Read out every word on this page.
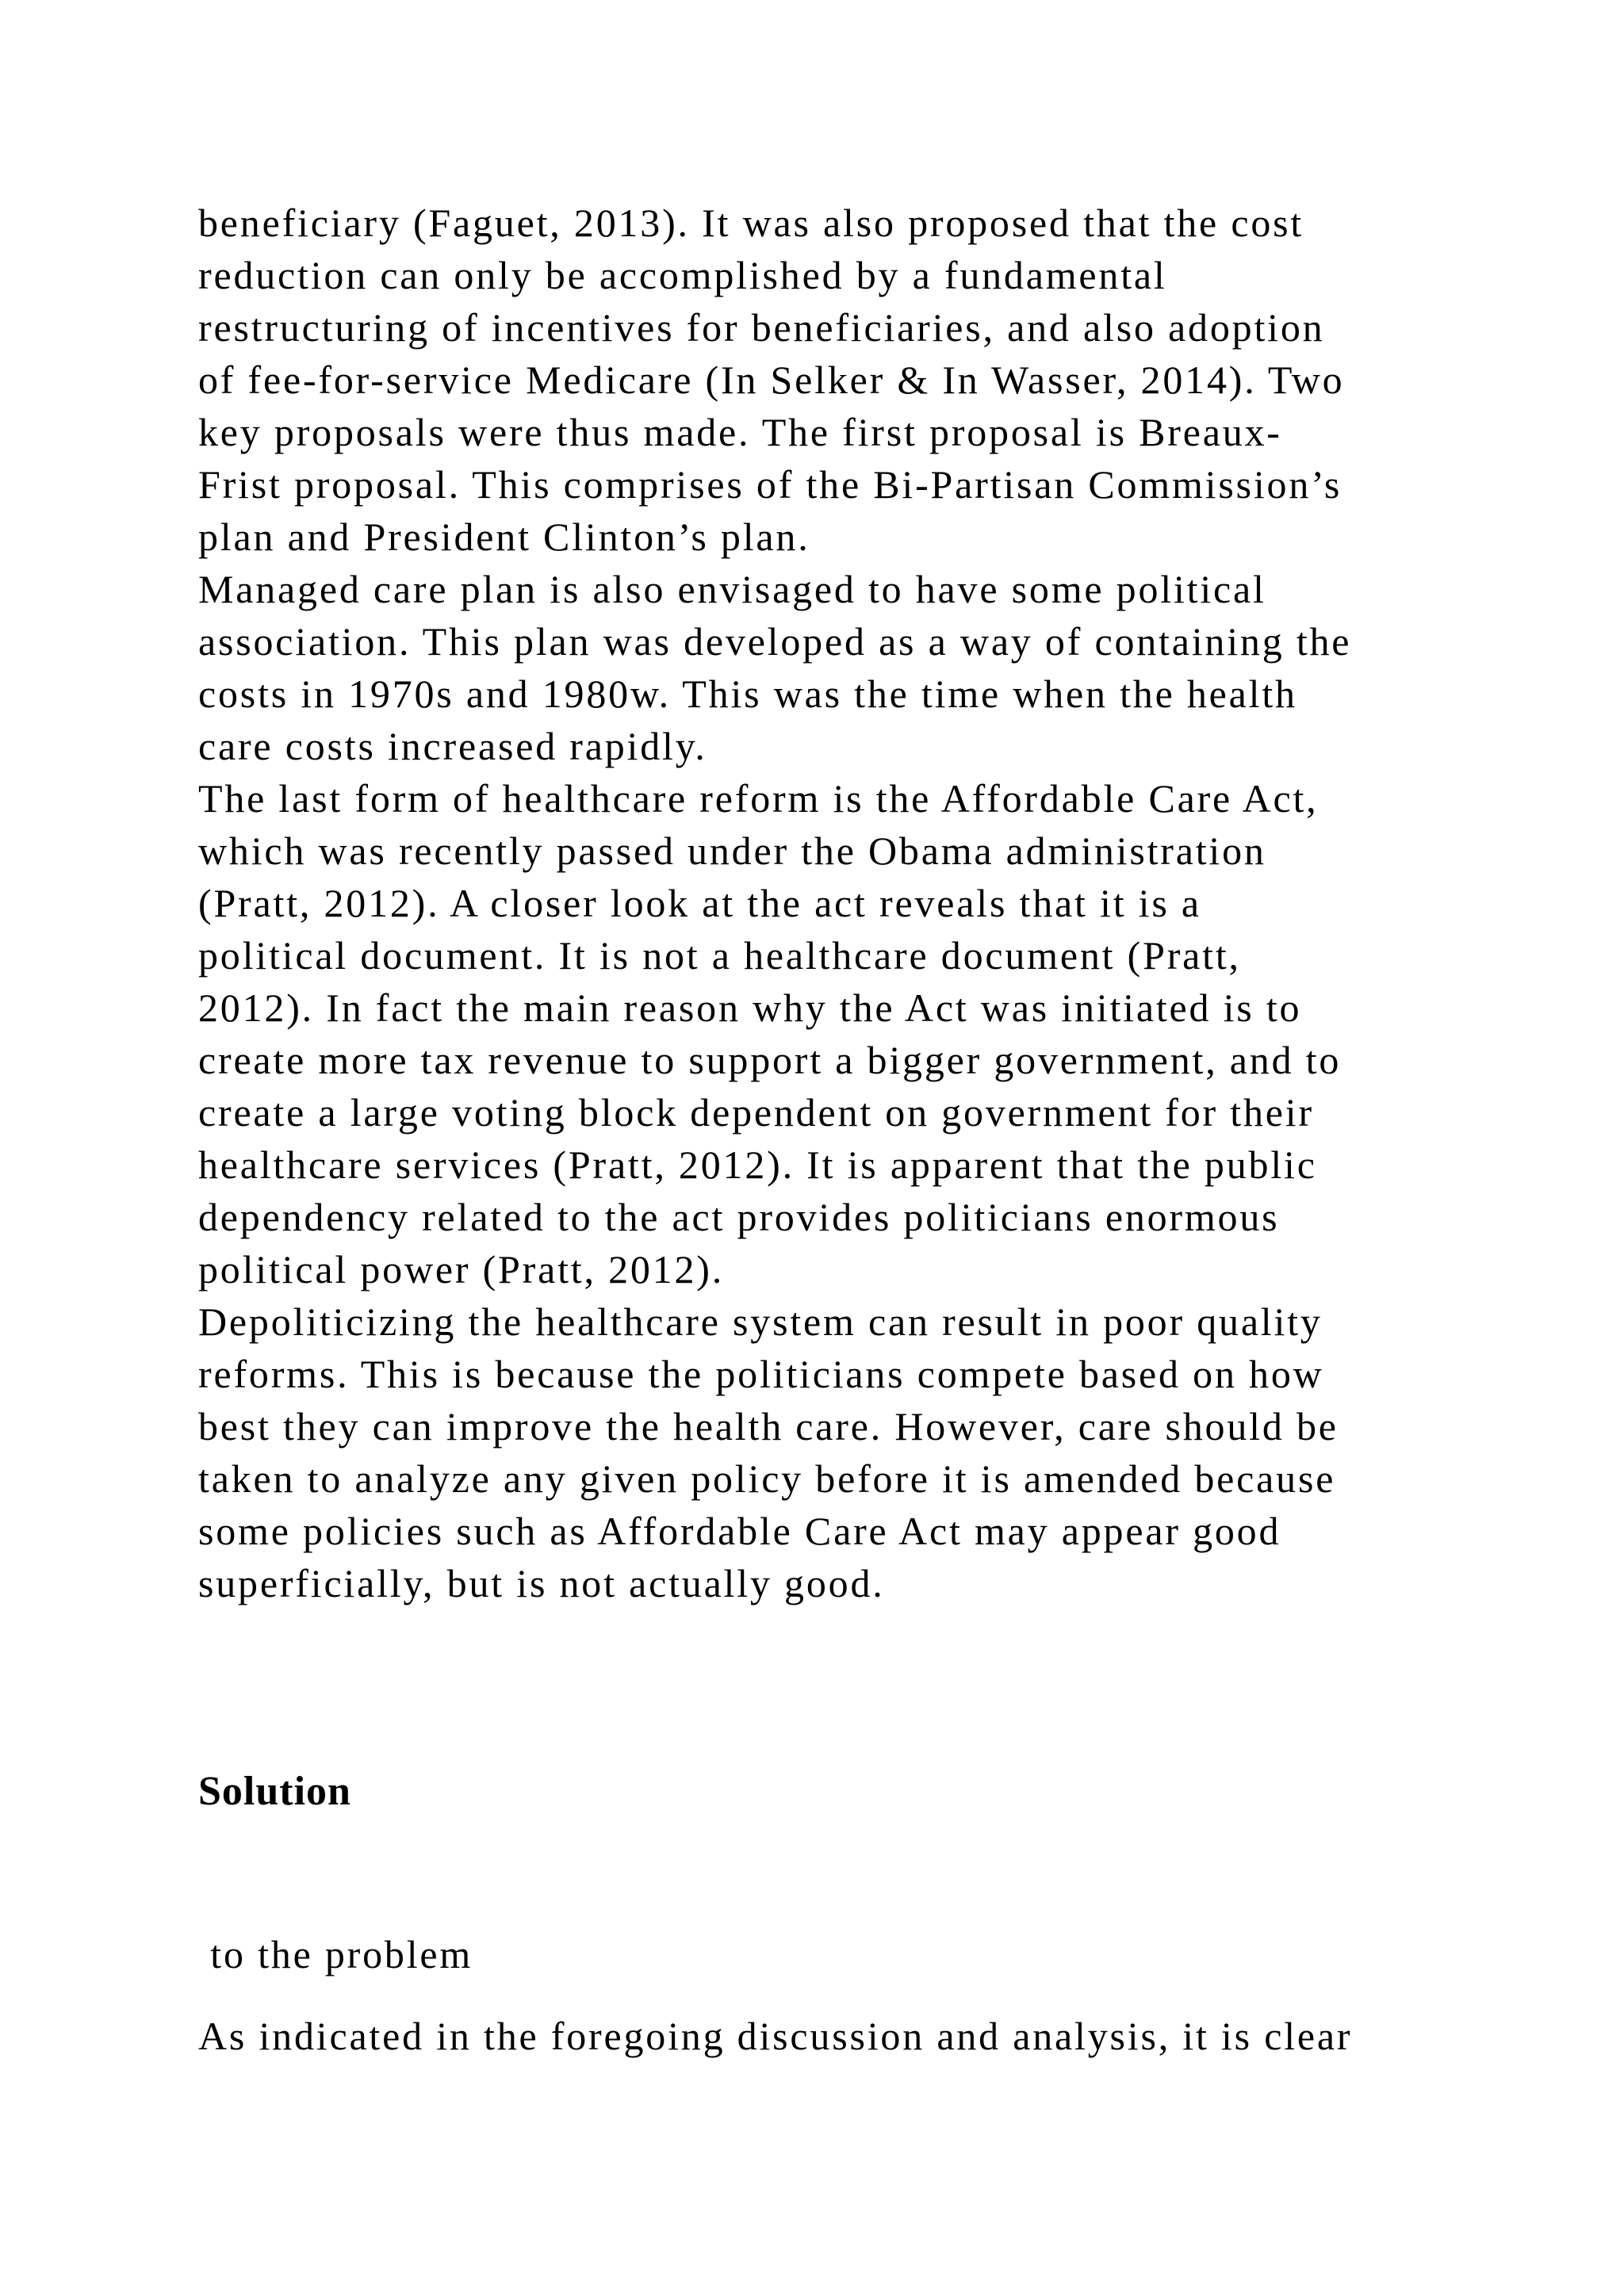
beneficiary (Faguet, 2013). It was also proposed that the cost
reduction can only be accomplished by a fundamental
restructuring of incentives for beneficiaries, and also adoption
of fee-for-service Medicare (In Selker & In Wasser, 2014). Two
key proposals were thus made. The first proposal is Breaux-
Frist proposal. This comprises of the Bi-Partisan Commission’s
plan and President Clinton’s plan.
Managed care plan is also envisaged to have some political
association. This plan was developed as a way of containing the
costs in 1970s and 1980w. This was the time when the health
care costs increased rapidly.
The last form of healthcare reform is the Affordable Care Act,
which was recently passed under the Obama administration
(Pratt, 2012). A closer look at the act reveals that it is a
political document. It is not a healthcare document (Pratt,
2012). In fact the main reason why the Act was initiated is to
create more tax revenue to support a bigger government, and to
create a large voting block dependent on government for their
healthcare services (Pratt, 2012). It is apparent that the public
dependency related to the act provides politicians enormous
political power (Pratt, 2012).
Depoliticizing the healthcare system can result in poor quality
reforms. This is because the politicians compete based on how
best they can improve the health care. However, care should be
taken to analyze any given policy before it is amended because
some policies such as Affordable Care Act may appear good
superficially, but is not actually good.
Solution
to the problem
As indicated in the foregoing discussion and analysis, it is clear
